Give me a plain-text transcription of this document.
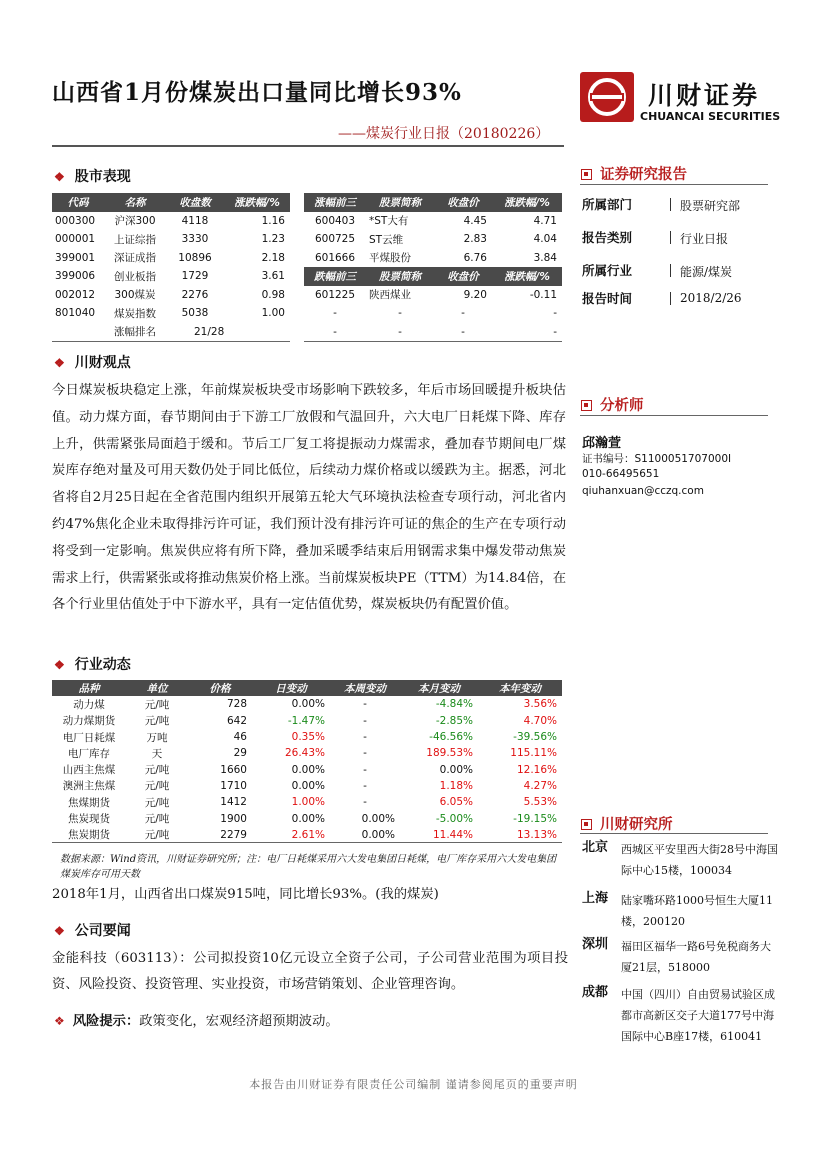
山西省1月份煤炭出口量同比增长93%
——煤炭行业日报（20180226）
川财证券
CHUANCAI SECURITIES
❖ 股市表现
代码	名称	收盘数	涨跌幅/%
000300	沪深300	4118	1.16
000001	上证综指	3330	1.23
399001	深证成指	10896	2.18
399006	创业板指	1729	3.61
002012	300煤炭	2276	0.98
801040	煤炭指数	5038	1.00
	涨幅排名	21/28	
涨幅前三	股票简称	收盘价	涨跌幅/%
600403	*ST大有	4.45	4.71
600725	ST云维	2.83	4.04
601666	平煤股份	6.76	3.84
跌幅前三	股票简称	收盘价	涨跌幅/%
601225	陕西煤业	9.20	-0.11
-	-	-	-
-	-	-	-
❖ 川财观点
今日煤炭板块稳定上涨，年前煤炭板块受市场影响下跌较多，年后市场回暖提升板块估值。动力煤方面，春节期间由于下游工厂放假和气温回升，六大电厂日耗煤下降、库存上升，供需紧张局面趋于缓和。节后工厂复工将提振动力煤需求，叠加春节期间电厂煤炭库存绝对量及可用天数仍处于同比低位，后续动力煤价格或以缓跌为主。据悉，河北省将自2月25日起在全省范围内组织开展第五轮大气环境执法检查专项行动，河北省内约47%焦化企业未取得排污许可证，我们预计没有排污许可证的焦企的生产在专项行动将受到一定影响。焦炭供应将有所下降，叠加采暖季结束后用钢需求集中爆发带动焦炭需求上行，供需紧张或将推动焦炭价格上涨。当前煤炭板块PE（TTM）为14.84倍，在各个行业里估值处于中下游水平，具有一定估值优势，煤炭板块仍有配置价值。
❖ 行业动态
品种	单位	价格	日变动	本周变动	本月变动	本年变动
动力煤	元/吨	728	0.00%	-	-4.84%	3.56%
动力煤期货	元/吨	642	-1.47%	-	-2.85%	4.70%
电厂日耗煤	万吨	46	0.35%	-	-46.56%	-39.56%
电厂库存	天	29	26.43%	-	189.53%	115.11%
山西主焦煤	元/吨	1660	0.00%	-	0.00%	12.16%
澳洲主焦煤	元/吨	1710	0.00%	-	1.18%	4.27%
焦煤期货	元/吨	1412	1.00%	-	6.05%	5.53%
焦炭现货	元/吨	1900	0.00%	0.00%	-5.00%	-19.15%
焦炭期货	元/吨	2279	2.61%	0.00%	11.44%	13.13%
数据来源：Wind资讯，川财证券研究所；注：电厂日耗煤采用六大发电集团日耗煤，电厂库存采用六大发电集团煤炭库存可用天数
2018年1月，山西省出口煤炭915吨，同比增长93%。(我的煤炭)
❖ 公司要闻
金能科技（603113）：公司拟投资10亿元设立全资子公司，子公司营业范围为项目投资、风险投资、投资管理、实业投资，市场营销策划、企业管理咨询。
❖ 风险提示：政策变化，宏观经济超预期波动。
证券研究报告
所属部门	股票研究部
报告类别	行业日报
所属行业	能源/煤炭
报告时间	2018/2/26
分析师
邱瀚萱
证书编号：S1100051707000I
010-66495651
qiuhanxuan@cczq.com
川财研究所
北京 西城区平安里西大街28号中海国际中心15楼，100034
上海 陆家嘴环路1000号恒生大厦11楼，200120
深圳 福田区福华一路6号免税商务大厦21层，518000
成都 中国（四川）自由贸易试验区成都市高新区交子大道177号中海国际中心B座17楼，610041
本报告由川财证券有限责任公司编制 谨请参阅尾页的重要声明
